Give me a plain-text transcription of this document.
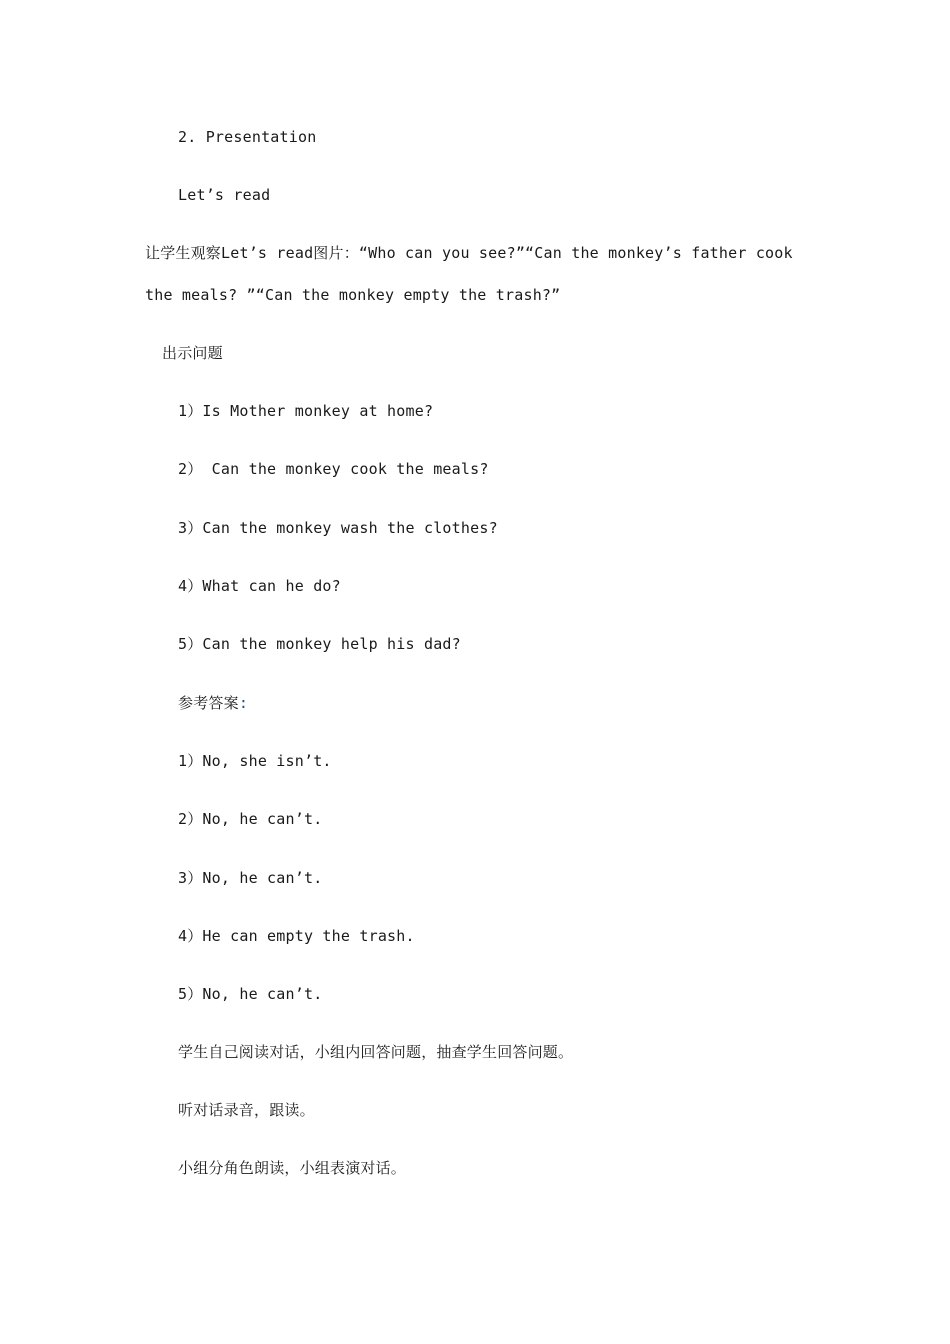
2. Presentation
Let’s read
让学生观察Let’s read图片：“Who can you see?”“Can the monkey’s father cook
the meals? ”“Can the monkey empty the trash?”
出示问题
1）Is Mother monkey at home?
2） Can the monkey cook the meals?
3）Can the monkey wash the clothes?
4）What can he do?
5）Can the monkey help his dad?
参考答案:
1）No, she isn’t.
2）No, he can’t.
3）No, he can’t.
4）He can empty the trash.
5）No, he can’t.
学生自己阅读对话，小组内回答问题，抽查学生回答问题。
听对话录音，跟读。
小组分角色朗读，小组表演对话。
